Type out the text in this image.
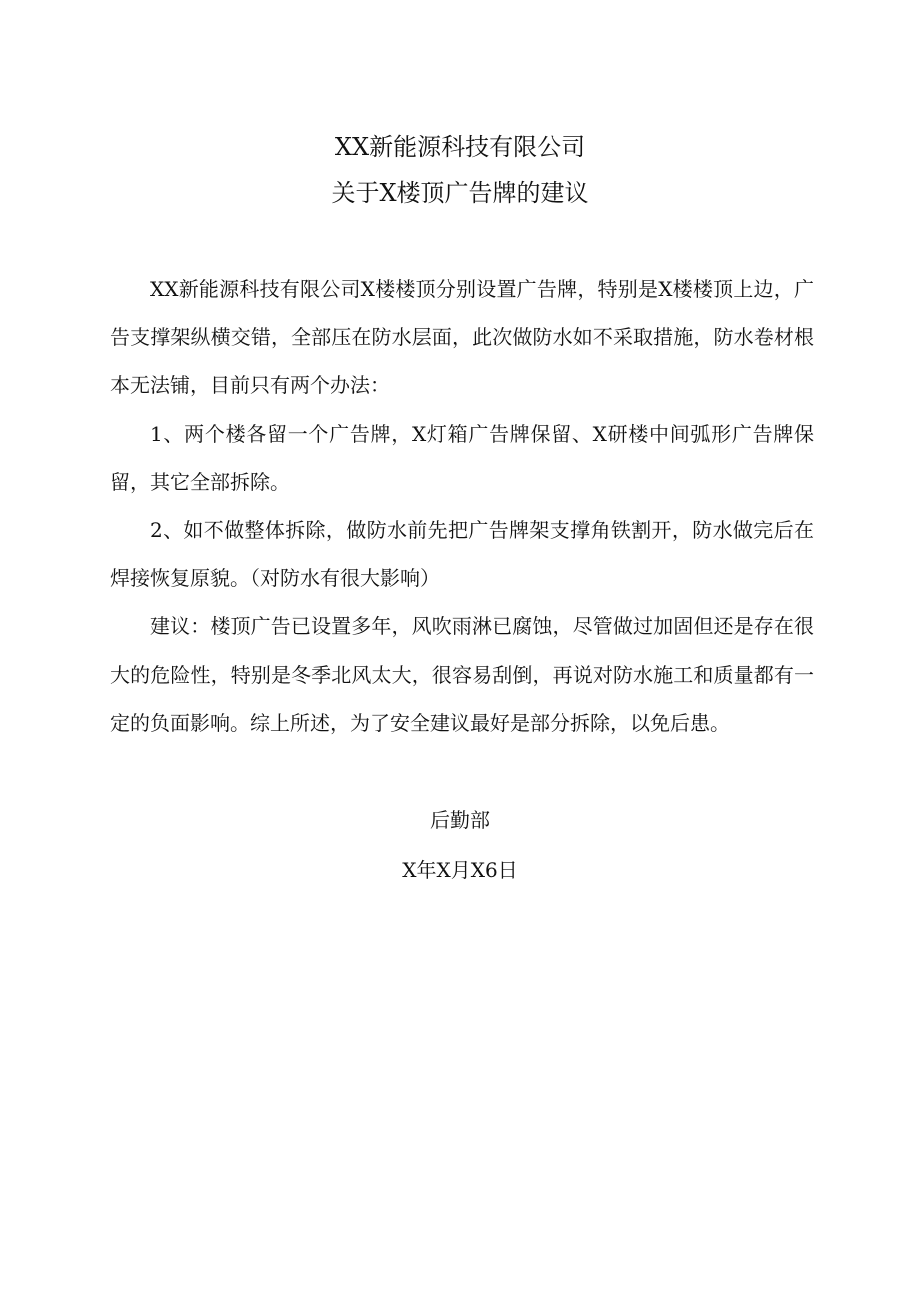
XX新能源科技有限公司
关于X楼顶广告牌的建议

XX新能源科技有限公司X楼楼顶分别设置广告牌，特别是X楼楼顶上边，广告支撑架纵横交错，全部压在防水层面，此次做防水如不采取措施，防水卷材根本无法铺，目前只有两个办法：

1、两个楼各留一个广告牌，X灯箱广告牌保留、X研楼中间弧形广告牌保留，其它全部拆除。

2、如不做整体拆除，做防水前先把广告牌架支撑角铁割开，防水做完后在焊接恢复原貌。（对防水有很大影响）

建议：楼顶广告已设置多年，风吹雨淋已腐蚀，尽管做过加固但还是存在很大的危险性，特别是冬季北风太大，很容易刮倒，再说对防水施工和质量都有一定的负面影响。综上所述，为了安全建议最好是部分拆除，以免后患。

后勤部
X年X月X6日
